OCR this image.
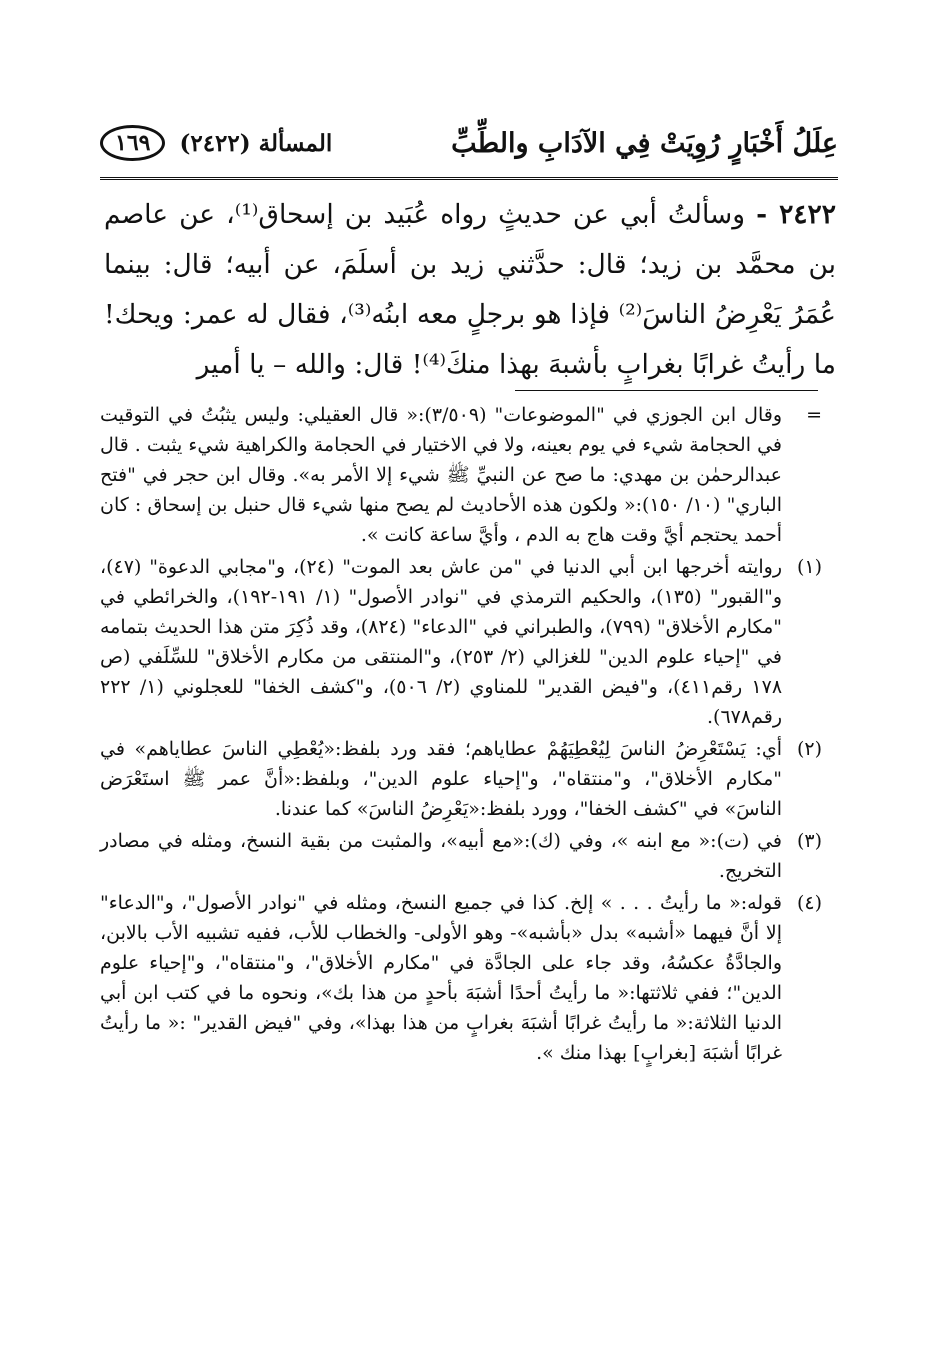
عِلَلُ أَخْبَارٍ رُوِيَتْ فِي الآدَابِ والطِّبِّ
المسألة (٢٤٢٢)
١٦٩
٢٤٢٢ - وسألتُ أبي عن حديثٍ رواه عُبَيد بن إسحاق⁽¹⁾، عن عاصم بن محمَّد بن زيد؛ قال: حدَّثني زيد بن أسلَمَ، عن أبيه؛ قال: بينما عُمَرُ يَعْرِضُ الناسَ⁽²⁾ فإذا هو برجلٍ معه ابنُه⁽³⁾، فقال له عمر: ويحك! ما رأيتُ غرابًا بغرابٍ بأشبهَ بهذا منكَ⁽⁴⁾! قال: والله – يا أمير
=
وقال ابن الجوزي في "الموضوعات" (٣/٥٠٩):« قال العقيلي: وليس يثبُتُ في التوقيت في الحجامة شيء في يوم بعينه، ولا في الاختيار في الحجامة والكراهية شيء يثبت . قال عبدالرحمٰن بن مهدي: ما صح عن النبيِّ ﷺ شيء إلا الأمر به». وقال ابن حجر في "فتح الباري" (١٠/ ١٥٠):« ولكون هذه الأحاديث لم يصح منها شيء قال حنبل بن إسحاق : كان أحمد يحتجم أيَّ وقت هاج به الدم ، وأيَّ ساعة كانت ».
(١)
روايته أخرجها ابن أبي الدنيا في "من عاش بعد الموت" (٢٤)، و"مجابي الدعوة" (٤٧)، و"القبور" (١٣٥)، والحكيم الترمذي في "نوادر الأصول" (١/ ١٩١-١٩٢)، والخرائطي في "مكارم الأخلاق" (٧٩٩)، والطبراني في "الدعاء" (٨٢٤)، وقد ذُكِرَ متن هذا الحديث بتمامه في "إحياء علوم الدين" للغزالي (٢/ ٢٥٣)، و"المنتقى من مكارم الأخلاق" للسِّلَفي (ص ١٧٨ رقم٤١١)، و"فيض القدير" للمناوي (٢/ ٥٠٦)، و"كشف الخفا" للعجلوني (١/ ٢٢٢ رقم٦٧٨).
(٢)
أي: يَسْتَعْرِضُ الناسَ لِيُعْطِيَهُمْ عطاياهم؛ فقد ورد بلفظ:«يُعْطِي الناسَ عطاياهم» في "مكارم الأخلاق"، و"منتقاه"، و"إحياء علوم الدين"، وبلفظ:«أنَّ عمر ﷺ استَعْرَض الناسَ» في "كشف الخفا"، وورد بلفظ:«يَعْرِضُ الناسَ» كما عندنا.
(٣)
في (ت):« مع ابنه »، وفي (ك):«مع أبيه»، والمثبت من بقية النسخ، ومثله في مصادر التخريج.
(٤)
قوله:« ما رأيتُ . . . » إلخ. كذا في جميع النسخ، ومثله في "نوادر الأصول"، و"الدعاء" إلا أنَّ فيهما «أشبه» بدل «بأشبه»- وهو الأولى- والخطاب للأب، ففيه تشبيه الأب بالابن، والجادَّةُ عكسُهُ، وقد جاء على الجادَّة في "مكارم الأخلاق"، و"منتقاه"، و"إحياء علوم الدين"؛ ففي ثلاثتها:« ما رأيتُ أحدًا أشبَهَ بأحدٍ من هذا بك»، ونحوه ما في كتب ابن أبي الدنيا الثلاثة:« ما رأيتُ غرابًا أشبَهَ بغرابٍ من هذا بهذا»، وفي "فيض القدير" :« ما رأيتُ غرابًا أشبَهَ [بغرابٍ] بهذا منك ».
